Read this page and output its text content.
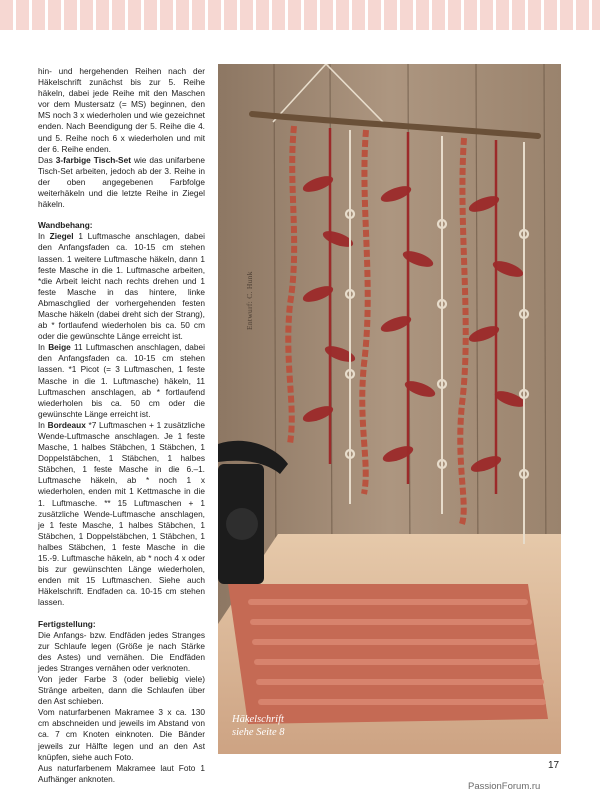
hin- und hergehenden Reihen nach der Häkelschrift zunächst bis zur 5. Reihe häkeln, dabei jede Reihe mit den Maschen vor dem Mustersatz (= MS) beginnen, den MS noch 3 x wiederholen und wie gezeichnet enden. Nach Beendigung der 5. Reihe die 4. und 5. Reihe noch 6 x wiederholen und mit der 6. Reihe enden.

Das 3-farbige Tisch-Set wie das unifarbene Tisch-Set arbeiten, jedoch ab der 3. Reihe in der oben angegebenen Farbfolge weiterhäkeln und die letzte Reihe in Ziegel häkeln.

Wandbehang:

In Ziegel 1 Luftmasche anschlagen, dabei den Anfangsfaden ca. 10-15 cm stehen lassen. 1 weitere Luftmasche häkeln, dann 1 feste Masche in die 1. Luftmasche arbeiten, *die Arbeit leicht nach rechts drehen und 1 feste Masche in das hintere, linke Abmaschglied der vorhergehenden festen Masche häkeln (dabei dreht sich der Strang), ab * fortlaufend wiederholen bis ca. 50 cm oder die gewünschte Länge erreicht ist.

In Beige 11 Luftmaschen anschlagen, dabei den Anfangsfaden ca. 10-15 cm stehen lassen. *1 Picot (= 3 Luftmaschen, 1 feste Masche in die 1. Luftmasche) häkeln, 11 Luftmaschen anschlagen, ab * fortlaufend wiederholen bis ca. 50 cm oder die gewünschte Länge erreicht ist.

In Bordeaux *7 Luftmaschen + 1 zusätzliche Wende-Luftmasche anschlagen. Je 1 feste Masche, 1 halbes Stäbchen, 1 Stäbchen, 1 Doppelstäbchen, 1 Stäbchen, 1 halbes Stäbchen, 1 feste Masche in die 6.–1. Luftmasche häkeln, ab * noch 1 x wiederholen, enden mit 1 Kettmasche in die 1. Luftmasche. ** 15 Luftmaschen + 1 zusätzliche Wende-Luftmasche anschlagen, je 1 feste Masche, 1 halbes Stäbchen, 1 Stäbchen, 1 Doppelstäbchen, 1 Stäbchen, 1 halbes Stäbchen, 1 feste Masche in die 15.-9. Luftmasche häkeln, ab * noch 4 x oder bis zur gewünschten Länge wiederholen, enden mit 15 Luftmaschen. Siehe auch Häkelschrift. Endfaden ca. 10-15 cm stehen lassen.

Fertigstellung:

Die Anfangs- bzw. Endfäden jedes Stranges zur Schlaufe legen (Größe je nach Stärke des Astes) und vernähen. Die Endfäden jedes Stranges vernähen oder verknoten.

Von jeder Farbe 3 (oder beliebig viele) Stränge arbeiten, dann die Schlaufen über den Ast schieben.

Vom naturfarbenen Makramee 3 x ca. 130 cm abschneiden und jeweils im Abstand von ca. 7 cm Knoten einknoten. Die Bänder jeweils zur Hälfte legen und an den Ast knüpfen, siehe auch Foto.

Aus naturfarbenem Makramee laut Foto 1 Aufhänger anknoten.

Entwurf: C. Hunk
Häkelschrift
siehe Seite 8
17
PassionForum.ru
